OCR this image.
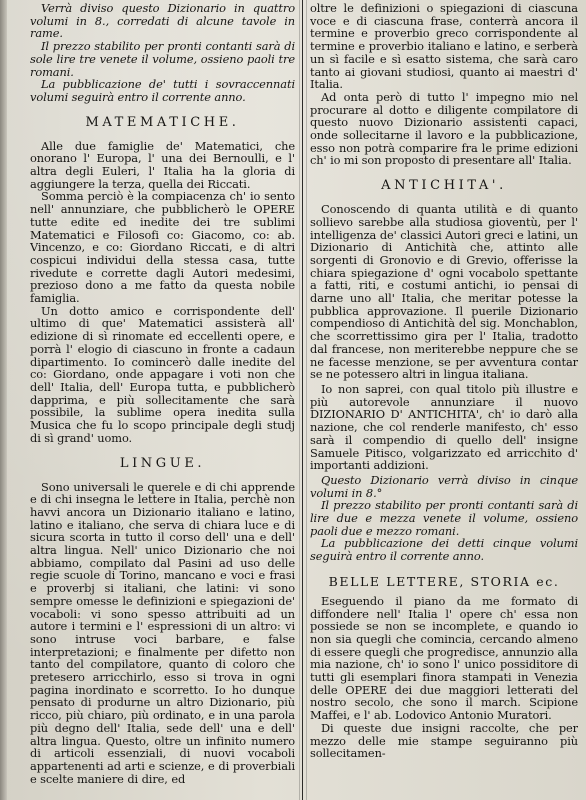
Verrà diviso questo Dizionario in quattro volumi in 8., corredati di alcune tavole in rame.

Il prezzo stabilito per pronti contanti sarà di sole lire tre venete il volume, ossieno paoli tre romani.

La pubblicazione de' tutti i sovraccennati volumi seguirà entro il corrente anno.

MATEMATICHE.

Alle due famiglie de' Matematici, che onorano l' Europa, l' una dei Bernoulli, e l' altra degli Euleri, l' Italia ha la gloria di aggiungere la terza, quella dei Riccati.

Somma perciò è la compiacenza ch' io sento nell' annunziare, che pubblicherò le OPERE tutte edite ed inedite dei tre sublimi Matematici e Filosofi co: Giacomo, co: ab. Vincenzo, e co: Giordano Riccati, e di altri cospicui individui della stessa casa, tutte rivedute e corrette dagli Autori medesimi, prezioso dono a me fatto da questa nobile famiglia.

Un dotto amico e corrispondente dell' ultimo di que' Matematici assisterà all' edizione di sì rinomate ed eccellenti opere, e porrà l' elogio di ciascuno in fronte a cadaun dipartimento. Io comincerò dalle inedite del co: Giordano, onde appagare i voti non che dell' Italia, dell' Europa tutta, e pubblicherò dapprima, e più sollecitamente che sarà possibile, la sublime opera inedita sulla Musica che fu lo scopo principale degli studj di sì grand' uomo.

LINGUE.

Sono universali le querele e di chi apprende e di chi insegna le lettere in Italia, perchè non havvi ancora un Dizionario italiano e latino, latino e italiano, che serva di chiara luce e di sicura scorta in tutto il corso dell' una e dell' altra lingua. Nell' unico Dizionario che noi abbiamo, compilato dal Pasini ad uso delle regie scuole di Torino, mancano e voci e frasi e proverbj si italiani, che latini: vi sono sempre omesse le definizioni e spiegazioni de' vocaboli: vi sono spesso attribuiti ad un autore i termini e l' espressioni di un altro: vi sono intruse voci barbare, e false interpretazioni; e finalmente per difetto non tanto del compilatore, quanto di coloro che pretesero arricchirlo, esso si trova in ogni pagina inordinato e scorretto. Io ho dunque pensato di produrne un altro Dizionario, più ricco, più chiaro, più ordinato, e in una parola più degno dell' Italia, sede dell' una e dell' altra lingua. Questo, oltre un infinito numero di articoli essenziali, di nuovi vocaboli appartenenti ad arti e scienze, e di proverbiali e scelte maniere di dire, ed

oltre le definizioni o spiegazioni di ciascuna voce e di ciascuna frase, conterrà ancora il termine e proverbio greco corrispondente al termine e proverbio italiano e latino, e serberà un sì facile e sì esatto sistema, che sarà caro tanto ai giovani studiosi, quanto ai maestri d' Italia.

Ad onta però di tutto l' impegno mio nel procurare al dotto e diligente compilatore di questo nuovo Dizionario assistenti capaci, onde sollecitarne il lavoro e la pubblicazione, esso non potrà comparire fra le prime edizioni ch' io mi son proposto di presentare all' Italia.

ANTICHITA'.

Conoscendo di quanta utilità e di quanto sollievo sarebbe alla studiosa gioventù, per l' intelligenza de' classici Autori greci e latini, un Dizionario di Antichità che, attinto alle sorgenti di Gronovio e di Grevio, offerisse la chiara spiegazione d' ogni vocabolo spettante a fatti, riti, e costumi antichi, io pensai di darne uno all' Italia, che meritar potesse la pubblica approvazione. Il puerile Dizionario compendioso di Antichità del sig. Monchablon, che scorrettissimo gira per l' Italia, tradotto dal francese, non meriterebbe neppure che se ne facesse menzione, se per avventura contar se ne potessero altri in lingua italiana.

Io non saprei, con qual titolo più illustre e più autorevole annunziare il nuovo DIZIONARIO D' ANTICHITA', ch' io darò alla nazione, che col renderle manifesto, ch' esso sarà il compendio di quello dell' insigne Samuele Pitisco, volgarizzato ed arricchito d' importanti addizioni.

Questo Dizionario verrà diviso in cinque volumi in 8.°

Il prezzo stabilito per pronti contanti sarà di lire due e mezza venete il volume, ossieno paoli due e mezzo romani.

La pubblicazione dei detti cinque volumi seguirà entro il corrente anno.

BELLE LETTERE, STORIA ec.

Eseguendo il piano da me formato di diffondere nell' Italia l' opere ch' essa non possiede se non se incomplete, e quando io non sia quegli che comincia, cercando almeno di essere quegli che progredisce, annunzio alla mia nazione, ch' io sono l' unico possiditore di tutti gli esemplari finora stampati in Venezia delle OPERE dei due maggiori letterati del nostro secolo, che sono il march. Scipione Maffei, e l' ab. Lodovico Antonio Muratori.

Di queste due insigni raccolte, che per mezzo delle mie stampe seguiranno più sollecitamen-
